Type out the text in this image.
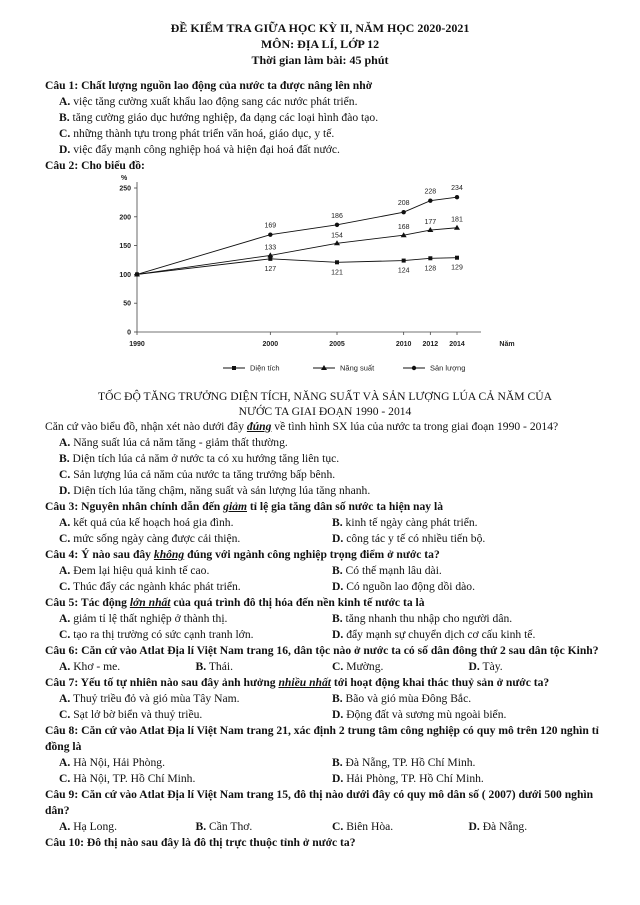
ĐỀ KIỂM TRA GIỮA HỌC KỲ II, NĂM HỌC 2020-2021
MÔN: ĐỊA LÍ, LỚP 12
Thời gian làm bài: 45 phút
Câu 1: Chất lượng nguồn lao động của nước ta được nâng lên nhờ
A. việc tăng cường xuất khẩu lao động sang các nước phát triển.
B. tăng cường giáo dục hướng nghiệp, đa dạng các loại hình đào tạo.
C. những thành tựu trong phát triển văn hoá, giáo dục, y tế.
D. việc đẩy mạnh công nghiệp hoá và hiện đại hoá đất nước.
Câu 2: Cho biểu đồ:
%
Năm
0
50
100
150
200
250
1990	2000	2005	2010 2012 2014
127	121	124 128 129
133
154
168
177 181
169
186
208
228 234
Diện tích	Năng suất	Sản lượng
TỐC ĐỘ TĂNG TRƯỞNG DIỆN TÍCH, NĂNG SUẤT VÀ SẢN LƯỢNG LÚA CẢ NĂM CỦA
NƯỚC TA GIAI ĐOẠN 1990 - 2014
Căn cứ vào biểu đồ, nhận xét nào dưới đây đúng về tình hình SX lúa của nước ta trong giai đoạn 1990 - 2014?
A. Năng suất lúa cả năm tăng - giảm thất thường.
B. Diện tích lúa cả năm ở nước ta có xu hướng tăng liên tục.
C. Sản lượng lúa cả năm của nước ta tăng trưởng bấp bênh.
D. Diện tích lúa tăng chậm, năng suất và sản lượng lúa tăng nhanh.
Câu 3: Nguyên nhân chính dẫn đến giảm tỉ lệ gia tăng dân số nước ta hiện nay là
A. kết quả của kế hoạch hoá gia đình.	B. kinh tế ngày càng phát triển.
C. mức sống ngày càng được cải thiện.	D. công tác y tế có nhiều tiến bộ.
Câu 4: Ý nào sau đây không đúng với ngành công nghiệp trọng điểm ở nước ta?
A. Đem lại hiệu quả kinh tế cao.	B. Có thế mạnh lâu dài.
C. Thúc đẩy các ngành khác phát triển.	D. Có nguồn lao động dồi dào.
Câu 5: Tác động lớn nhất của quá trình đô thị hóa đến nền kinh tế nước ta là
A. giảm tỉ lệ thất nghiệp ở thành thị.	B. tăng nhanh thu nhập cho người dân.
C. tạo ra thị trường có sức cạnh tranh lớn.	D. đẩy mạnh sự chuyển dịch cơ cấu kinh tế.
Câu 6: Căn cứ vào Atlat Địa lí Việt Nam trang 16, dân tộc nào ở nước ta có số dân đông thứ 2 sau dân tộc Kinh?
A. Khơ - me.	B. Thái.	C. Mường.	D. Tày.
Câu 7: Yếu tố tự nhiên nào sau đây ảnh hưởng nhiều nhất tới hoạt động khai thác thuỷ sản ở nước ta?
A. Thuỷ triều đỏ và gió mùa Tây Nam.	B. Bão và gió mùa Đông Bắc.
C. Sạt lở bờ biển và thuỷ triều.	D. Động đất và sương mù ngoài biển.
Câu 8: Căn cứ vào Atlat Địa lí Việt Nam trang 21, xác định 2 trung tâm công nghiệp có quy mô trên 120 nghìn tỉ đồng là
A. Hà Nội, Hải Phòng.	B. Đà Nẵng, TP. Hồ Chí Minh.
C. Hà Nội, TP. Hồ Chí Minh.	D. Hải Phòng, TP. Hồ Chí Minh.
Câu 9: Căn cứ vào Atlat Địa lí Việt Nam trang 15, đô thị nào dưới đây có quy mô dân số ( 2007) dưới 500 nghìn dân?
A. Hạ Long.	B. Cần Thơ.	C. Biên Hòa.	D. Đà Nẵng.
Câu 10: Đô thị nào sau đây là đô thị trực thuộc tỉnh ở nước ta?
